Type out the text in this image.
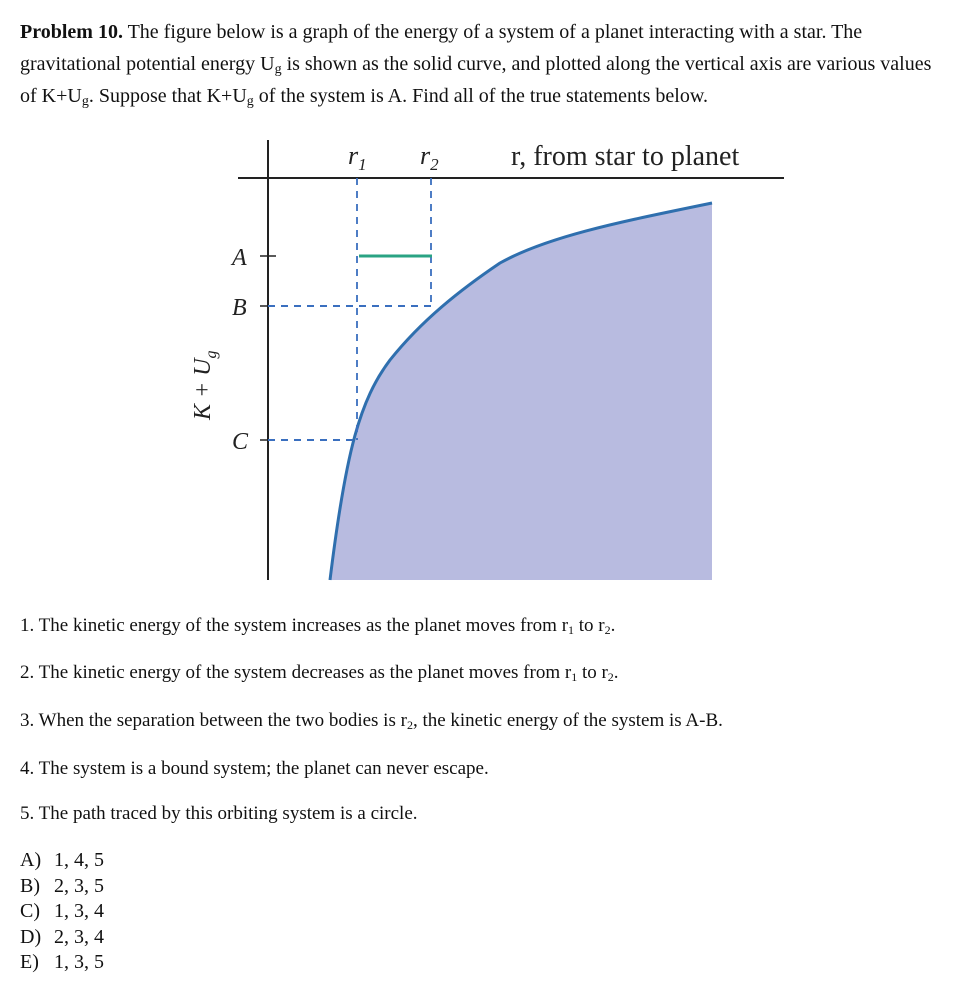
Problem 10. The figure below is a graph of the energy of a system of a planet interacting with a star. The gravitational potential energy $U_g$ is shown as the solid curve, and plotted along the vertical axis are various values of $K+U_g$. Suppose that $K+U_g$ of the system is A. Find all of the true statements below.

$r_1$ $r_2$	r, from star to planet
A
B
C
$K + U_g$

1. The kinetic energy of the system increases as the planet moves from $r_1$ to $r_2$.

2. The kinetic energy of the system decreases as the planet moves from $r_1$ to $r_2$.

3. When the separation between the two bodies is $r_2$, the kinetic energy of the system is A-B.

4. The system is a bound system; the planet can never escape.

5. The path traced by this orbiting system is a circle.

A) 1, 4, 5
B) 2, 3, 5
C) 1, 3, 4
D) 2, 3, 4
E) 1, 3, 5
